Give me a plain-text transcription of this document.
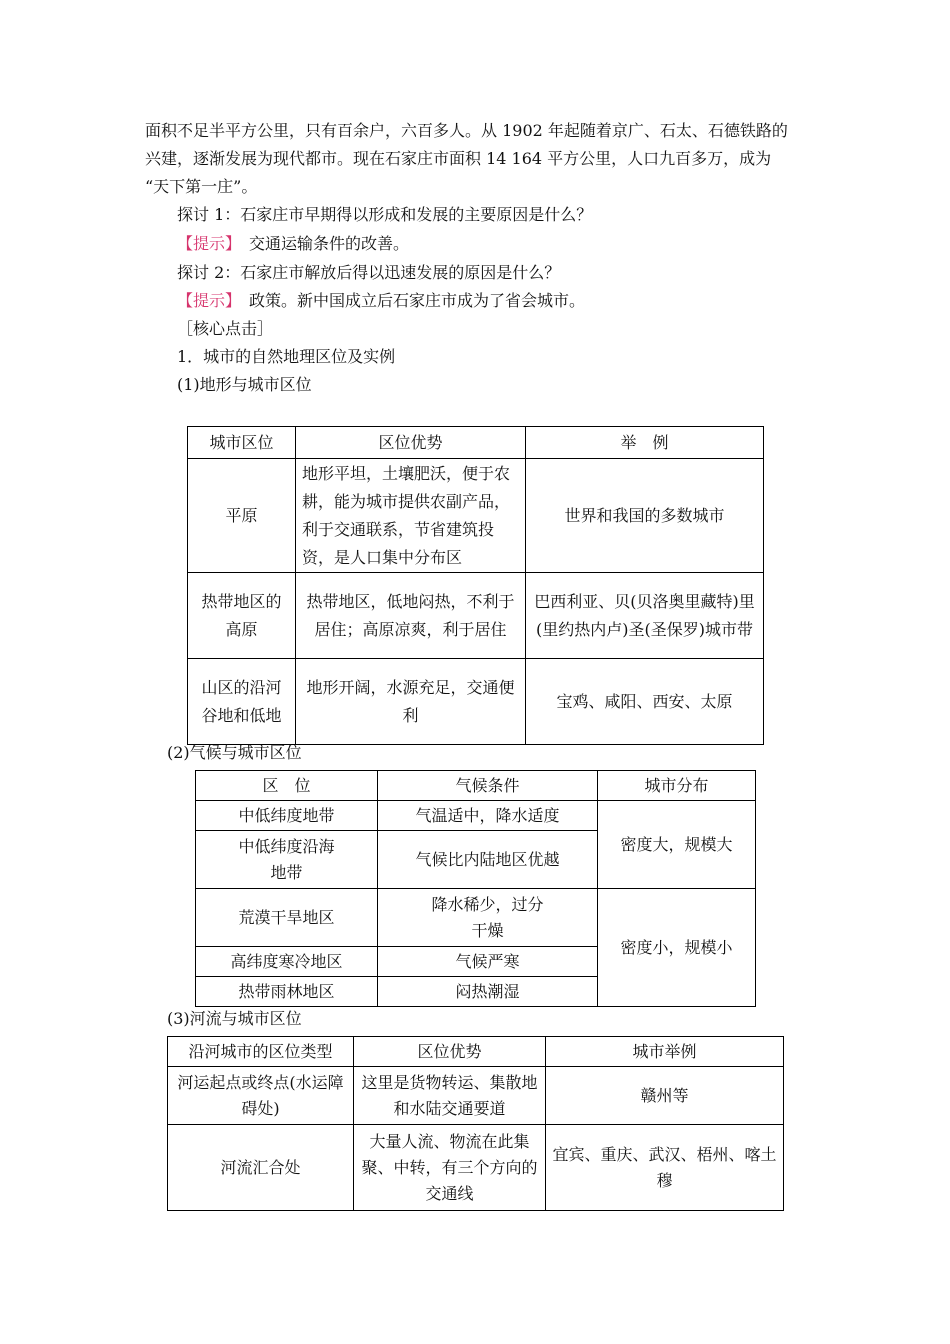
面积不足半平方公里，只有百余户，六百多人。从 1902 年起随着京广、石太、石德铁路的
兴建，逐渐发展为现代都市。现在石家庄市面积 14 164 平方公里，人口九百多万，成为
“天下第一庄”。
探讨 1：石家庄市早期得以形成和发展的主要原因是什么？
【提示】　 交通运输条件的改善。
探讨 2：石家庄市解放后得以迅速发展的原因是什么？
【提示】　 政策。新中国成立后石家庄市成为了省会城市。
［核心点击］
1．城市的自然地理区位及实例
(1)地形与城市区位
城市区位	区位优势	举　例
平原	地形平坦，土壤肥沃，便于农耕，能为城市提供农副产品，利于交通联系，节省建筑投资，是人口集中分布区	世界和我国的多数城市
热带地区的高原	热带地区，低地闷热，不利于居住；高原凉爽，利于居住	巴西利亚、贝(贝洛奥里藏特)里(里约热内卢)圣(圣保罗)城市带
山区的沿河谷地和低地	地形开阔，水源充足，交通便利	宝鸡、咸阳、西安、太原
(2)气候与城市区位
区　位	气候条件	城市分布
中低纬度地带	气温适中，降水适度	密度大，规模大
中低纬度沿海地带	气候比内陆地区优越	
荒漠干旱地区	降水稀少，过分干燥	密度小，规模小
高纬度寒冷地区	气候严寒	
热带雨林地区	闷热潮湿	
(3)河流与城市区位
沿河城市的区位类型	区位优势	城市举例
河运起点或终点(水运障碍处)	这里是货物转运、集散地和水陆交通要道	赣州等
河流汇合处	大量人流、物流在此集聚、中转，有三个方向的交通线	宜宾、重庆、武汉、梧州、喀土穆
